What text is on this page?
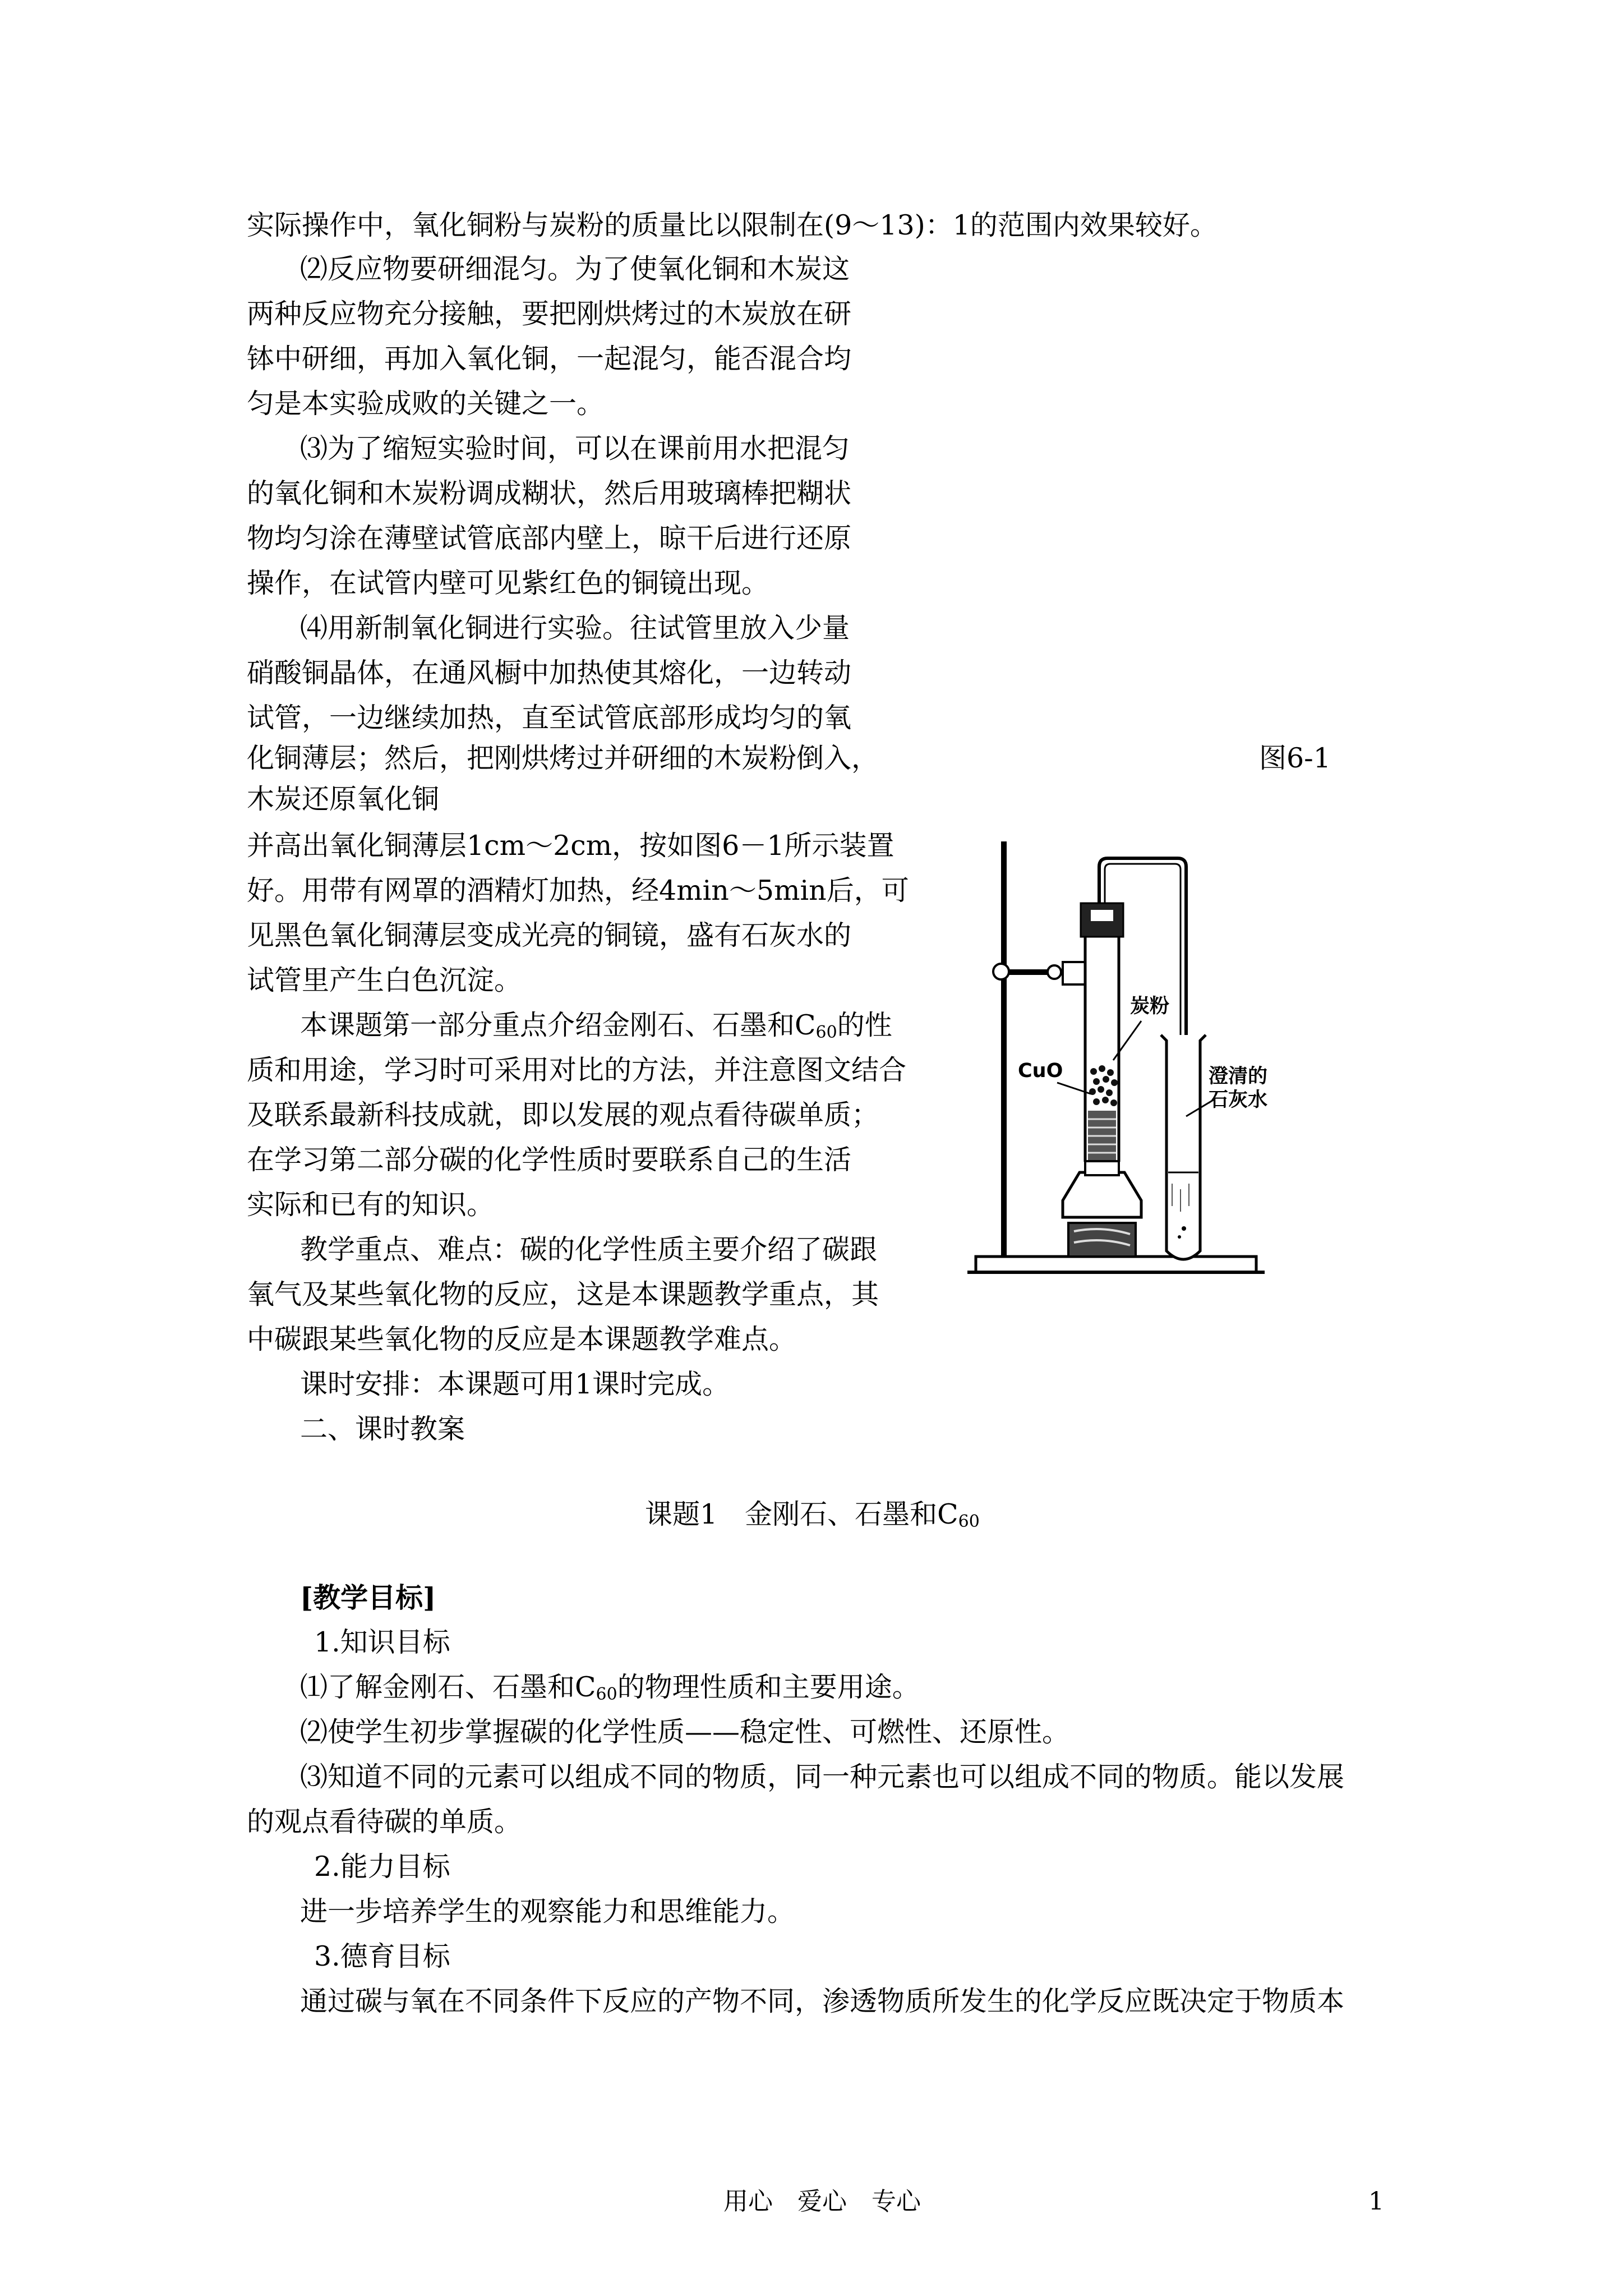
实际操作中，氧化铜粉与炭粉的质量比以限制在(9～13)：1的范围内效果较好。
⑵反应物要研细混匀。为了使氧化铜和木炭这
两种反应物充分接触，要把刚烘烤过的木炭放在研
钵中研细，再加入氧化铜，一起混匀，能否混合均
匀是本实验成败的关键之一。
⑶为了缩短实验时间，可以在课前用水把混匀
的氧化铜和木炭粉调成糊状，然后用玻璃棒把糊状
物均匀涂在薄壁试管底部内壁上，晾干后进行还原
操作，在试管内壁可见紫红色的铜镜出现。
⑷用新制氧化铜进行实验。往试管里放入少量
硝酸铜晶体，在通风橱中加热使其熔化，一边转动
试管，一边继续加热，直至试管底部形成均匀的氧
化铜薄层；然后，把刚烘烤过并研细的木炭粉倒入，	图6-1
木炭还原氧化铜
并高出氧化铜薄层1cm～2cm，按如图6－1所示装置
好。用带有网罩的酒精灯加热，经4min～5min后，可
见黑色氧化铜薄层变成光亮的铜镜，盛有石灰水的
试管里产生白色沉淀。
本课题第一部分重点介绍金刚石、石墨和$C_{60}$的性
质和用途，学习时可采用对比的方法，并注意图文结合
及联系最新科技成就，即以发展的观点看待碳单质；
在学习第二部分碳的化学性质时要联系自己的生活
实际和已有的知识。
教学重点、难点：碳的化学性质主要介绍了碳跟
氧气及某些氧化物的反应，这是本课题教学重点，其
中碳跟某些氧化物的反应是本课题教学难点。
课时安排：本课题可用1课时完成。
二、课时教案
课题1　金刚石、石墨和$C_{60}$
[教学目标]
1.知识目标
⑴了解金刚石、石墨和$C_{60}$的物理性质和主要用途。
⑵使学生初步掌握碳的化学性质——稳定性、可燃性、还原性。
⑶知道不同的元素可以组成不同的物质，同一种元素也可以组成不同的物质。能以发展
的观点看待碳的单质。
2.能力目标
进一步培养学生的观察能力和思维能力。
3.德育目标
通过碳与氧在不同条件下反应的产物不同，渗透物质所发生的化学反应既决定于物质本
用心　爱心　专心	1
炭粉
CuO	澄清的
石灰水
